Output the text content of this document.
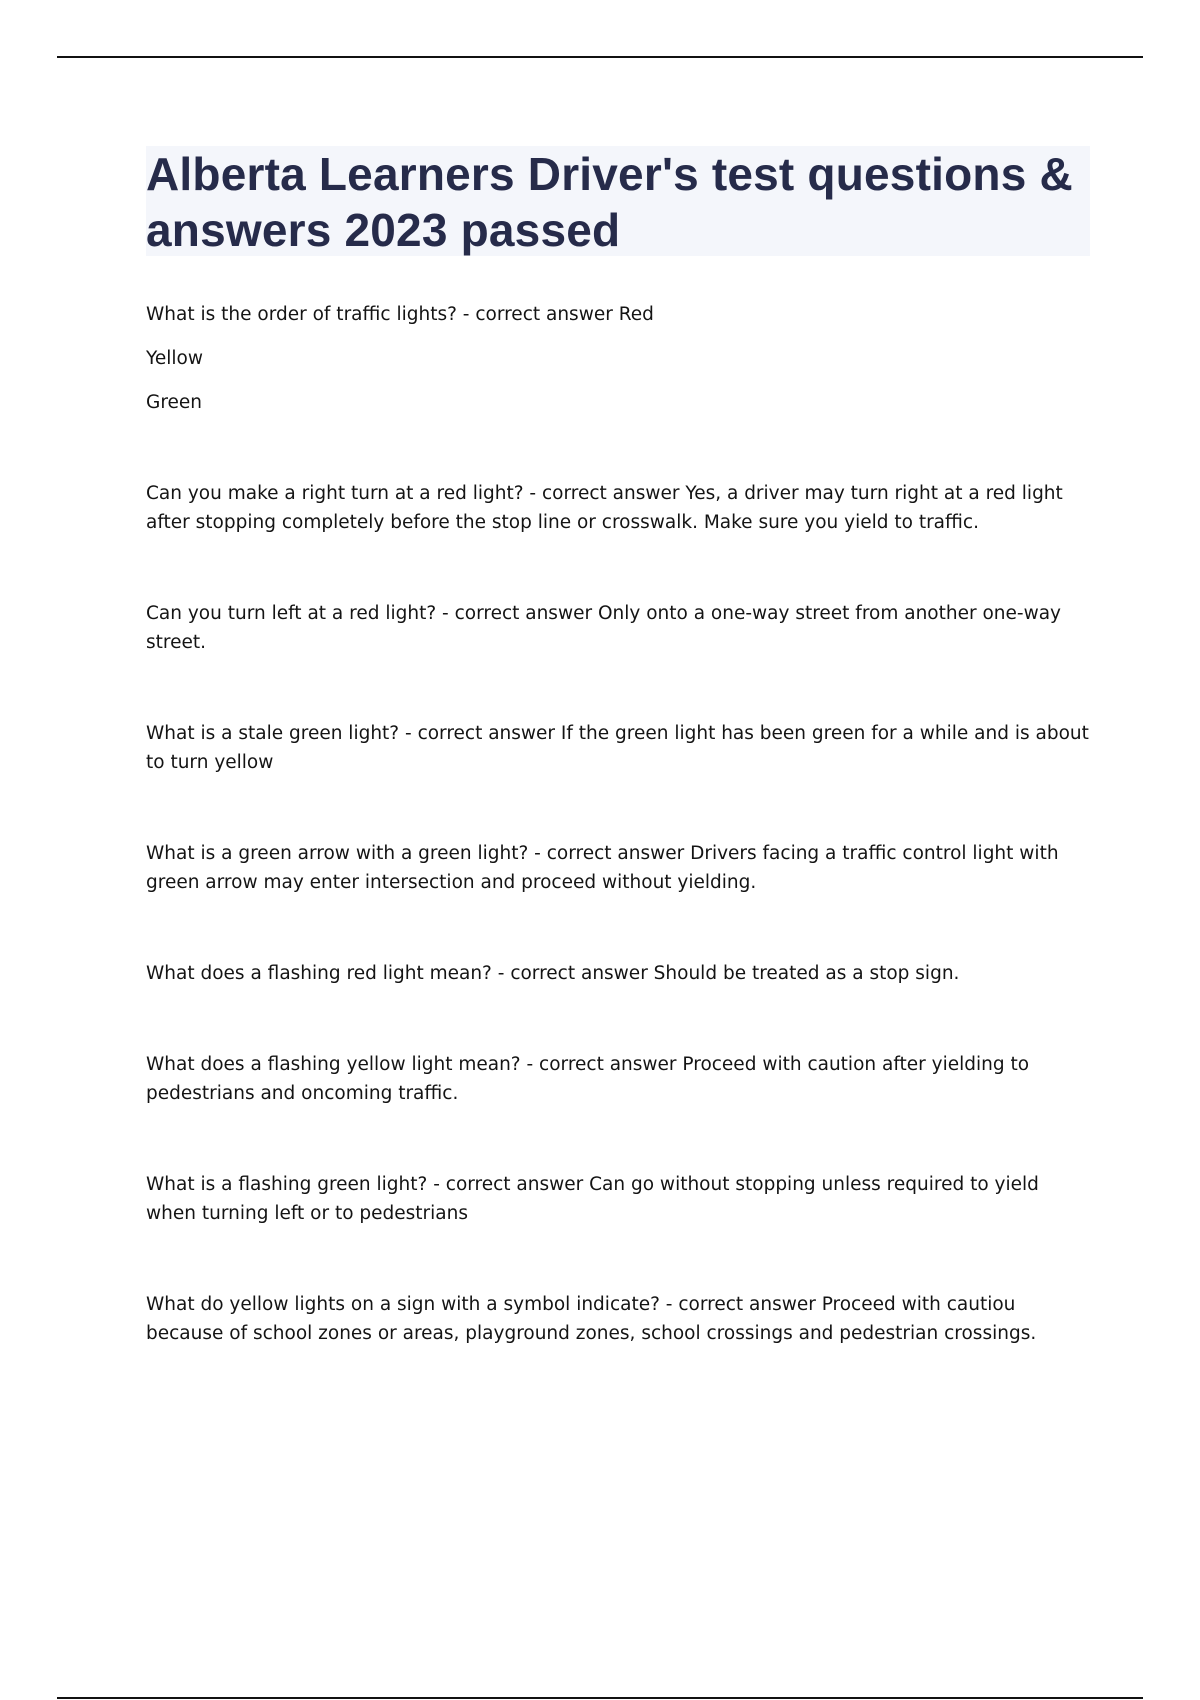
Alberta Learners Driver's test questions & answers 2023 passed

What is the order of traffic lights? - correct answer Red

Yellow

Green

Can you make a right turn at a red light? - correct answer Yes, a driver may turn right at a red light after stopping completely before the stop line or crosswalk. Make sure you yield to traffic.

Can you turn left at a red light? - correct answer Only onto a one-way street from another one-way street.

What is a stale green light? - correct answer If the green light has been green for a while and is about to turn yellow

What is a green arrow with a green light? - correct answer Drivers facing a traffic control light with green arrow may enter intersection and proceed without yielding.

What does a flashing red light mean? - correct answer Should be treated as a stop sign.

What does a flashing yellow light mean? - correct answer Proceed with caution after yielding to pedestrians and oncoming traffic.

What is a flashing green light? - correct answer Can go without stopping unless required to yield when turning left or to pedestrians

What do yellow lights on a sign with a symbol indicate? - correct answer Proceed with cautiou because of school zones or areas, playground zones, school crossings and pedestrian crossings.
